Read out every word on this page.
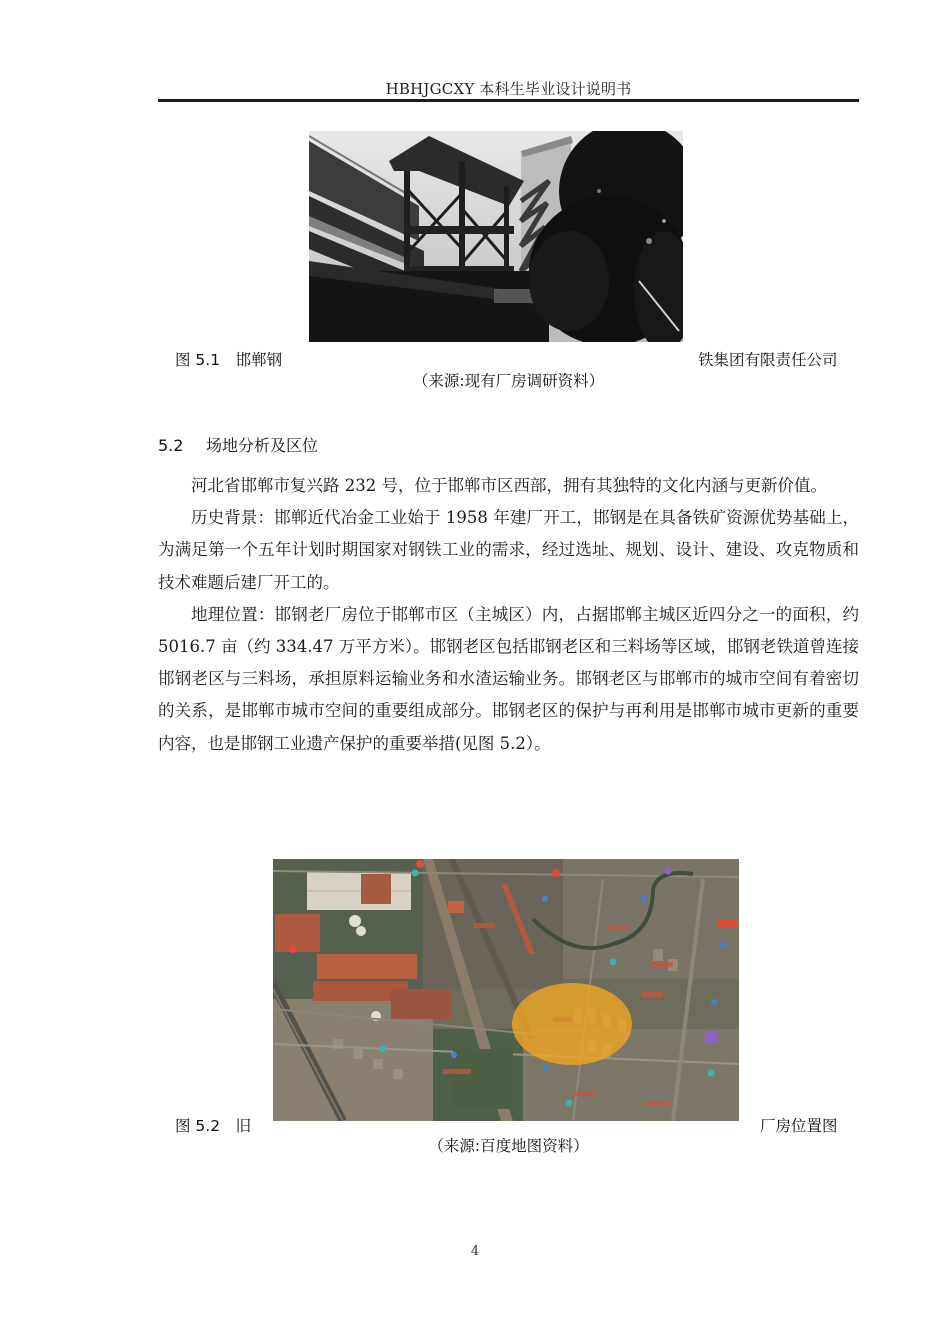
HBHJGCXY 本科生毕业设计说明书
图 5.1　邯郸钢	铁集团有限责任公司
（来源:现有厂房调研资料）
5.2 场地分析及区位

河北省邯郸市复兴路 232 号，位于邯郸市区西部，拥有其独特的文化内涵与更新价值。

历史背景：邯郸近代冶金工业始于 1958 年建厂开工，邯钢是在具备铁矿资源优势基础上，为满足第一个五年计划时期国家对钢铁工业的需求，经过选址、规划、设计、建设、攻克物质和技术难题后建厂开工的。

地理位置：邯钢老厂房位于邯郸市区（主城区）内，占据邯郸主城区近四分之一的面积，约 5016.7 亩（约 334.47 万平方米）。邯钢老区包括邯钢老区和三料场等区域，邯钢老铁道曾连接邯钢老区与三料场，承担原料运输业务和水渣运输业务。邯钢老区与邯郸市的城市空间有着密切的关系，是邯郸市城市空间的重要组成部分。邯钢老区的保护与再利用是邯郸市城市更新的重要内容，也是邯钢工业遗产保护的重要举措(见图 5.2）。

图 5.2　旧	厂房位置图
（来源:百度地图资料）
4
